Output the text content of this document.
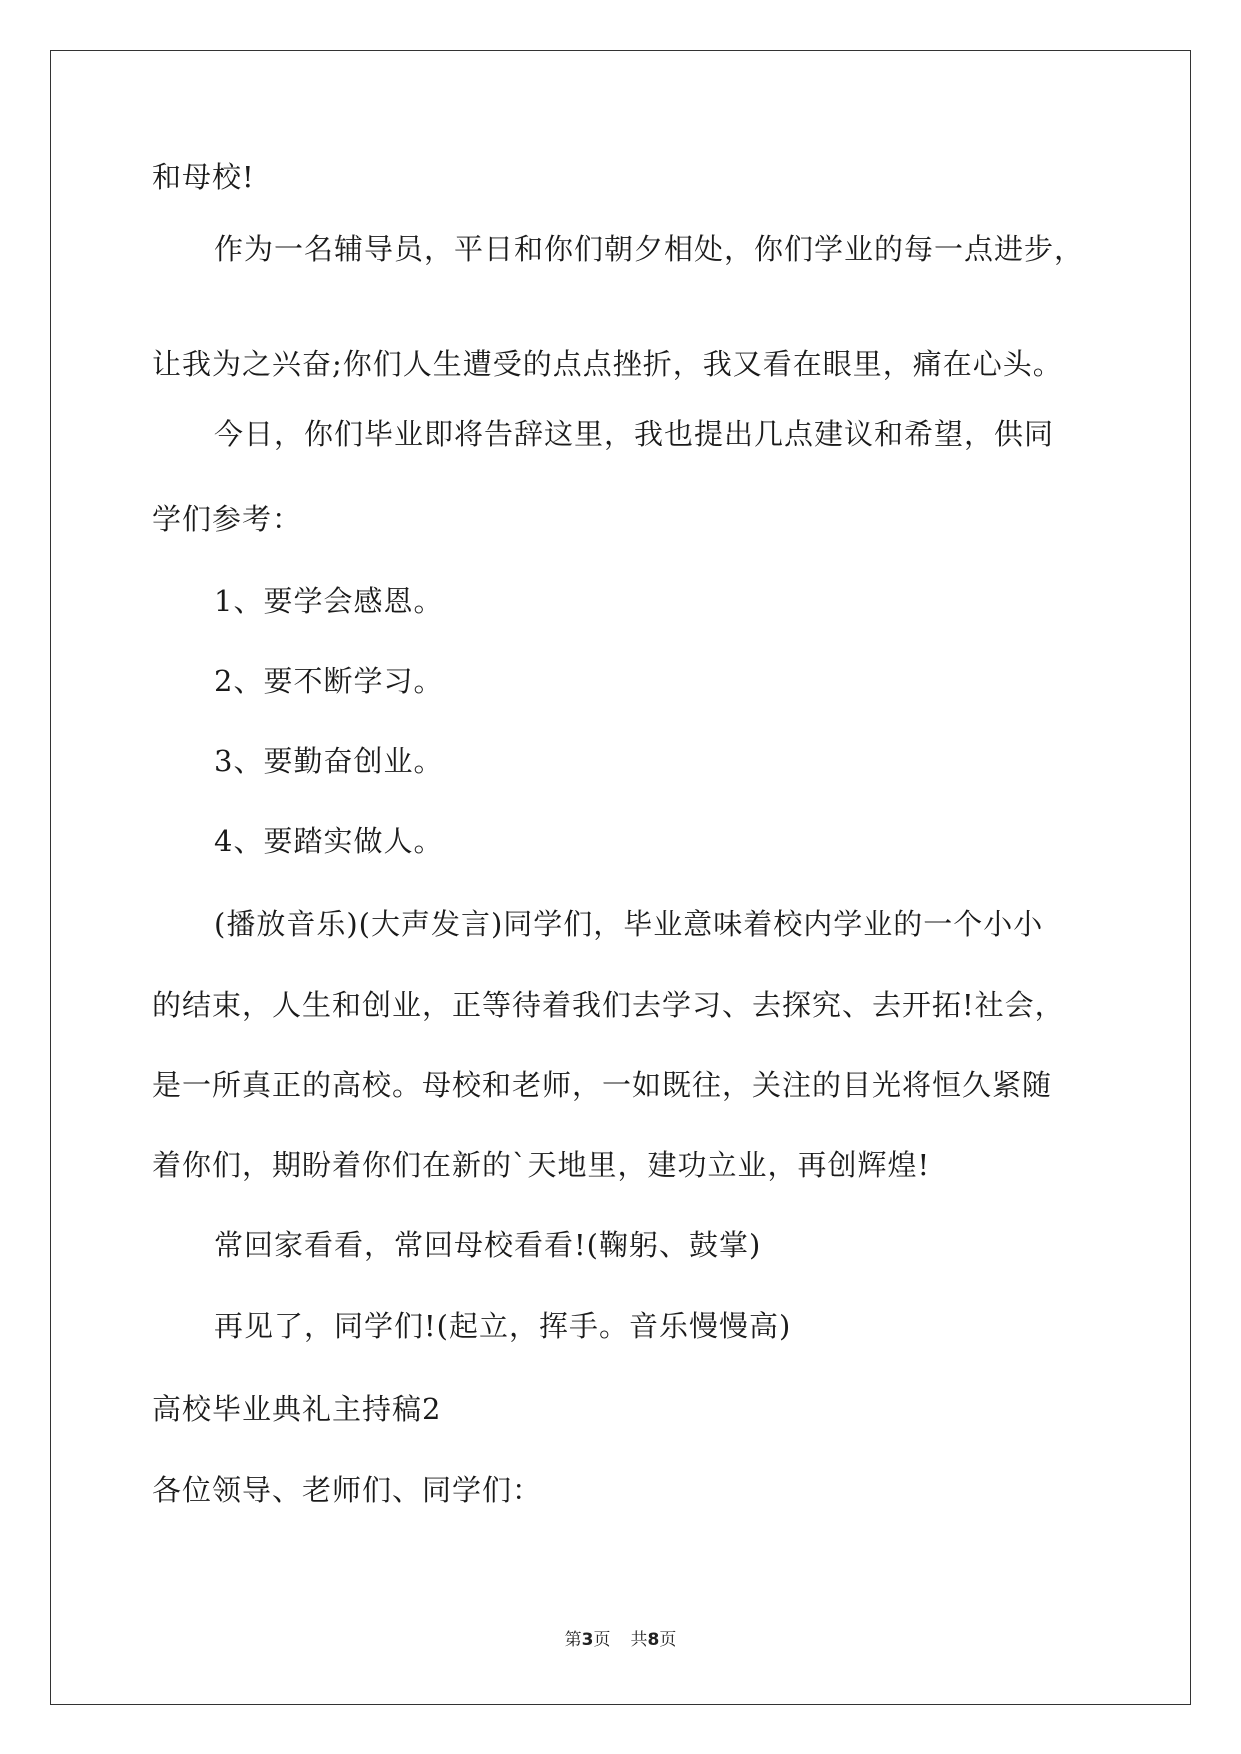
和母校!
作为一名辅导员，平日和你们朝夕相处，你们学业的每一点进步，
让我为之兴奋;你们人生遭受的点点挫折，我又看在眼里，痛在心头。
今日，你们毕业即将告辞这里，我也提出几点建议和希望，供同
学们参考：
1、要学会感恩。
2、要不断学习。
3、要勤奋创业。
4、要踏实做人。
(播放音乐)(大声发言)同学们，毕业意味着校内学业的一个小小
的结束，人生和创业，正等待着我们去学习、去探究、去开拓!社会，
是一所真正的高校。母校和老师，一如既往，关注的目光将恒久紧随
着你们，期盼着你们在新的`天地里，建功立业，再创辉煌!
常回家看看，常回母校看看!(鞠躬、鼓掌)
再见了，同学们!(起立，挥手。音乐慢慢高)
高校毕业典礼主持稿2
各位领导、老师们、同学们：
第3页 共8页
